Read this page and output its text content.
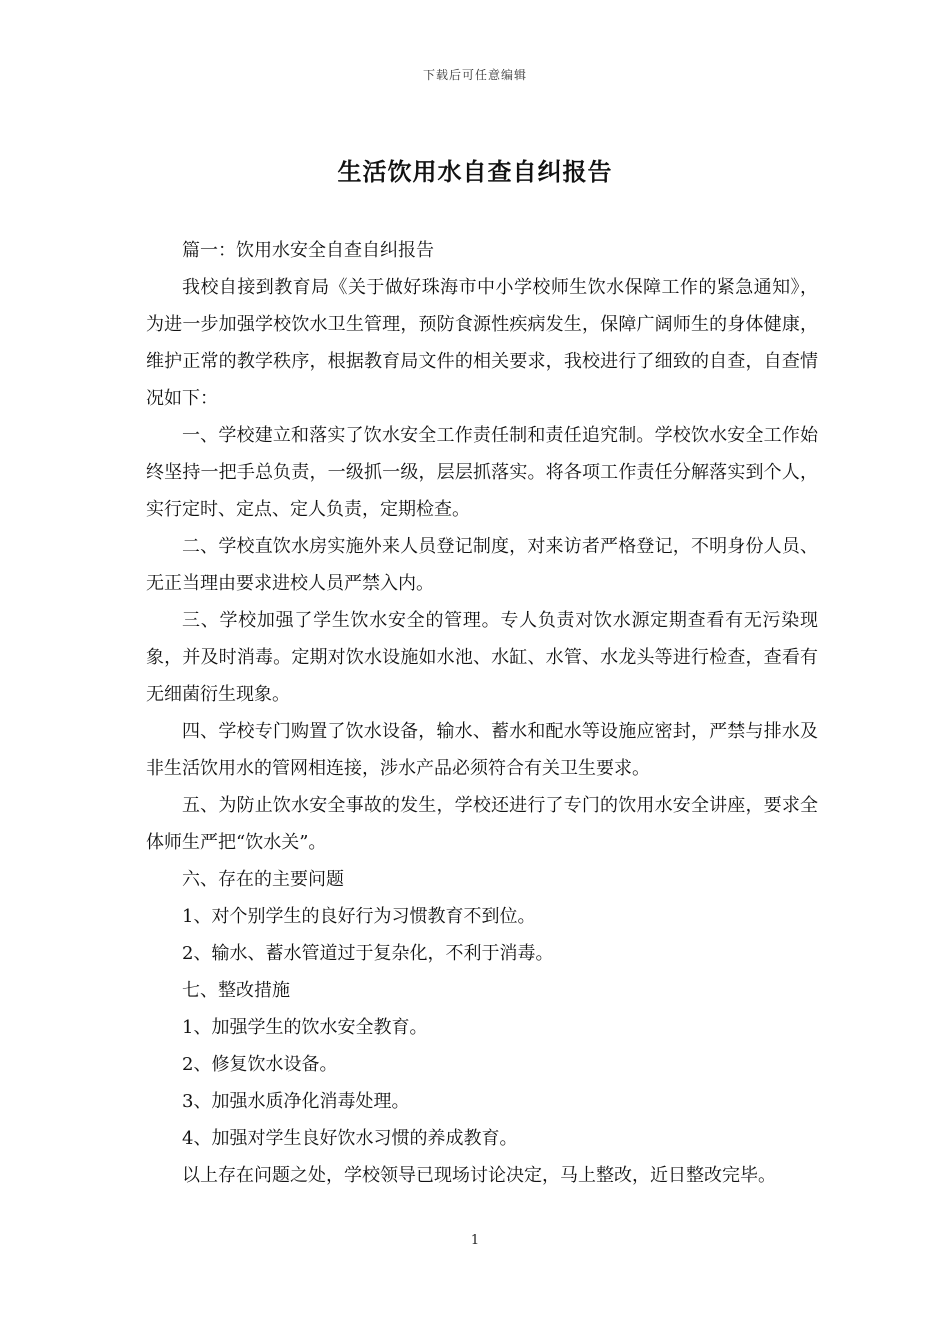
下载后可任意编辑
生活饮用水自查自纠报告

篇一：饮用水安全自查自纠报告

我校自接到教育局《关于做好珠海市中小学校师生饮水保障工作的紧急通知》，为进一步加强学校饮水卫生管理，预防食源性疾病发生，保障广阔师生的身体健康，维护正常的教学秩序，根据教育局文件的相关要求，我校进行了细致的自查，自查情况如下：

一、学校建立和落实了饮水安全工作责任制和责任追究制。学校饮水安全工作始终坚持一把手总负责，一级抓一级，层层抓落实。将各项工作责任分解落实到个人，实行定时、定点、定人负责，定期检查。

二、学校直饮水房实施外来人员登记制度，对来访者严格登记，不明身份人员、无正当理由要求进校人员严禁入内。

三、学校加强了学生饮水安全的管理。专人负责对饮水源定期查看有无污染现象，并及时消毒。定期对饮水设施如水池、水缸、水管、水龙头等进行检查，查看有无细菌衍生现象。

四、学校专门购置了饮水设备，输水、蓄水和配水等设施应密封，严禁与排水及非生活饮用水的管网相连接，涉水产品必须符合有关卫生要求。

五、为防止饮水安全事故的发生，学校还进行了专门的饮用水安全讲座，要求全体师生严把“饮水关”。

六、存在的主要问题

1、对个别学生的良好行为习惯教育不到位。

2、输水、蓄水管道过于复杂化，不利于消毒。

七、整改措施

1、加强学生的饮水安全教育。

2、修复饮水设备。

3、加强水质净化消毒处理。

4、加强对学生良好饮水习惯的养成教育。

以上存在问题之处，学校领导已现场讨论决定，马上整改，近日整改完毕。

1
